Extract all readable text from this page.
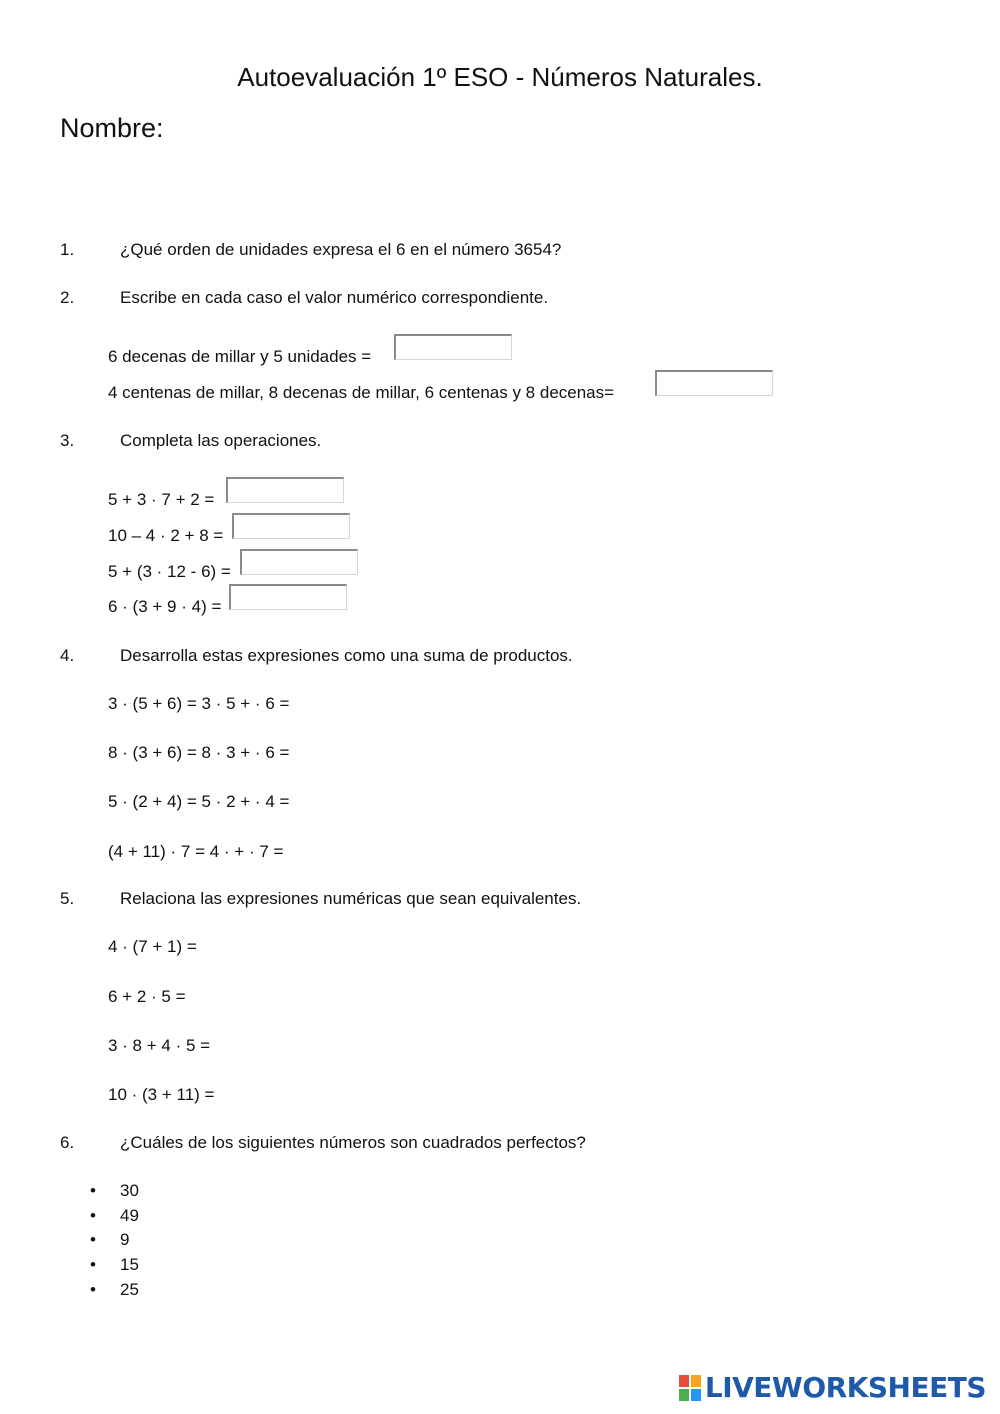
Autoevaluación 1º ESO - Números Naturales.
Nombre:
1.	¿Qué orden de unidades expresa el 6 en el número 3654?
2.	Escribe en cada caso el valor numérico correspondiente.
6 decenas de millar y 5 unidades =
4 centenas de millar, 8 decenas de millar, 6 centenas y 8 decenas=
3.	Completa las operaciones.
5 + 3 · 7 + 2 =
10 – 4 · 2 + 8 =
5 + (3 · 12 - 6) =
6 · (3 + 9 · 4) =
4.	Desarrolla estas expresiones como una suma de productos.
3 · (5 + 6) = 3 · 5 + · 6 =
8 · (3 + 6) = 8 · 3 + · 6 =
5 · (2 + 4) = 5 · 2 + · 4 =
(4 + 11) · 7 = 4 · + · 7 =
5.	Relaciona las expresiones numéricas que sean equivalentes.
4 · (7 + 1) =
6 + 2 · 5 =
3 · 8 + 4 · 5 =
10 · (3 + 11) =
6.	¿Cuáles de los siguientes números son cuadrados perfectos?
• 30
• 49
• 9
• 15
• 25
LIVEWORKSHEETS
